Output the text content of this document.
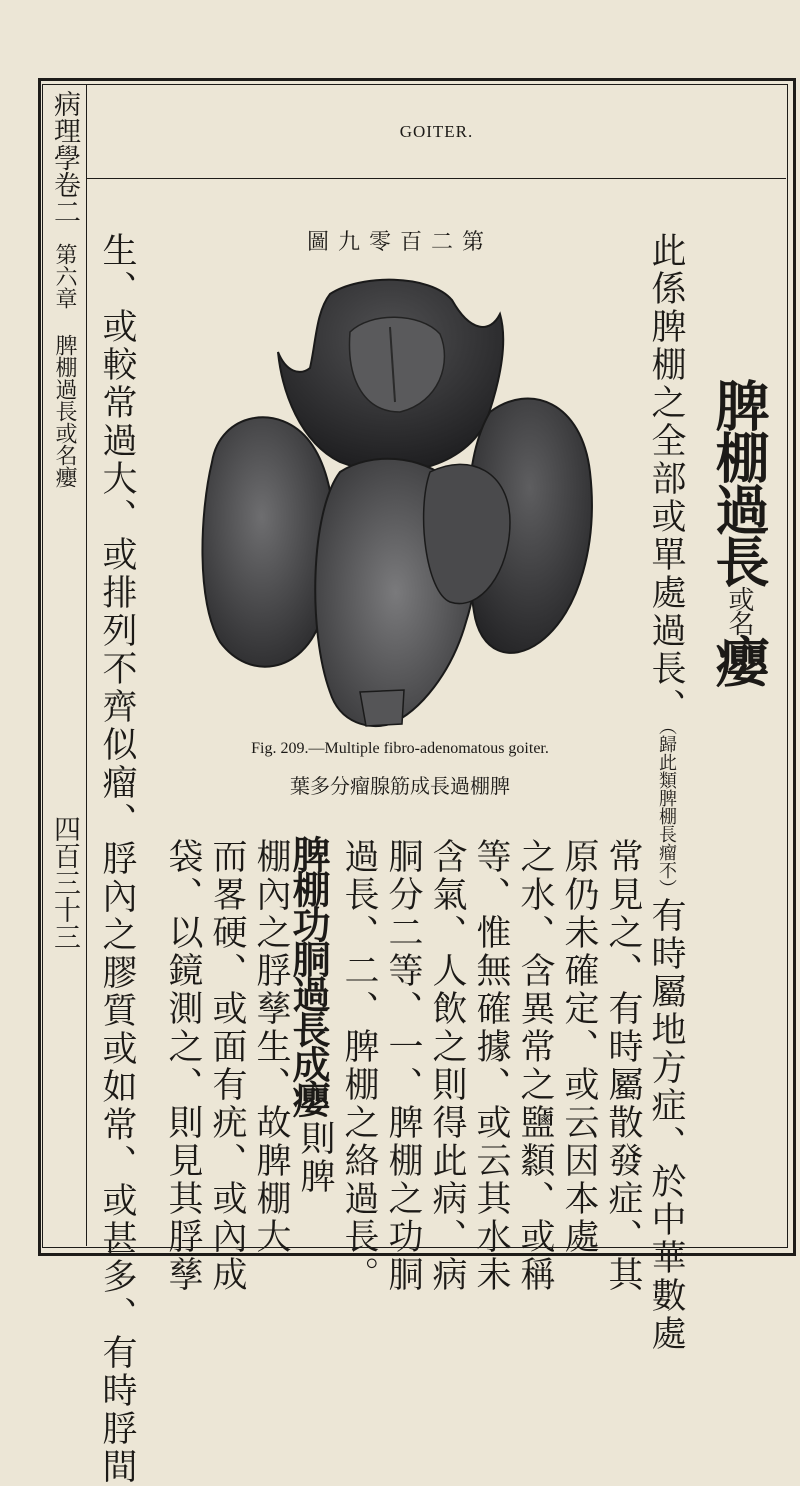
GOITER.
病理學卷二第六章 脾棚過長或名癭
四百三十三
第二百零九圖
Fig. 209.—Multiple fibro-adenomatous goiter.
脾棚過長成筋腺瘤分多葉
脾棚過長或名癭
此係脾棚之全部或單處過長、（歸此類脾棚長瘤不）有時屬地方症、於中華數處
常見之、有時屬散發症、其
原仍未確定、或云因本處
之水、含異常之鹽纇、或稱
等、惟無確據、或云其水未
含氣、人飲之則得此病、病
胴分二等、一、脾棚之功胴
過長、二、脾棚之絡過長。
脾棚功胴過長成癭
則脾
棚內之脬孳生、故脾棚大
而畧硬、或面有疣、或內成
袋、以鏡測之、則見其脬孳
生、或較常過大、或排列不齊似瘤、脬內之膠質或如常、或甚多、有時脬間
